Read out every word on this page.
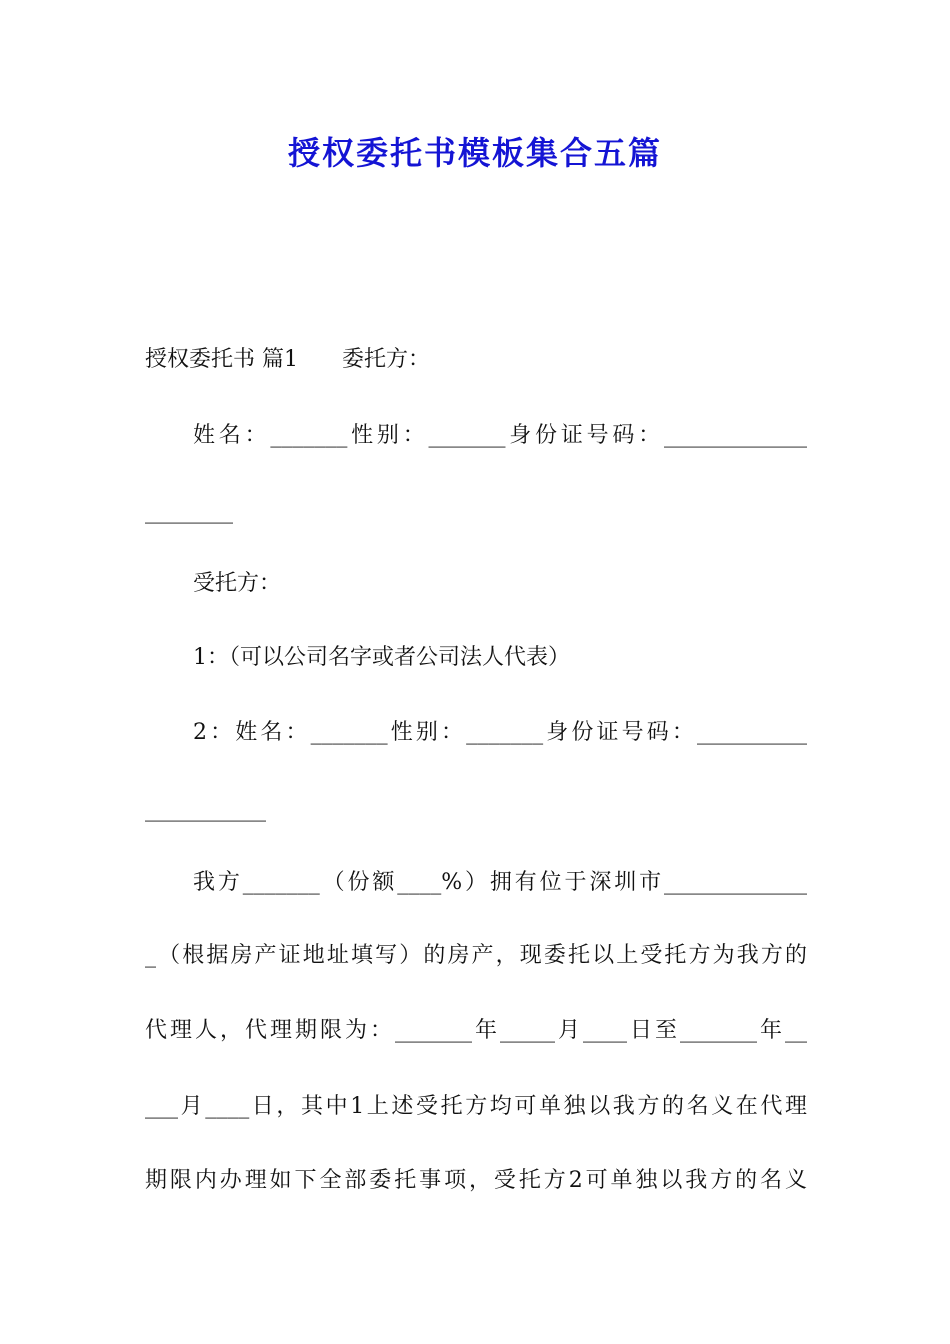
授权委托书模板集合五篇
授权委托书 篇1　　委托方：
姓名：_______性别：_______身份证号码：_____________
________
受托方：
1：（可以公司名字或者公司法人代表）
2：姓名：_______性别：_______身份证号码：__________
___________
我方_______（份额____%）拥有位于深圳市_____________
_（根据房产证地址填写）的房产，现委托以上受托方为我方的
代理人，代理期限为：_______年_____月____日至_______年__
___月____日，其中1上述受托方均可单独以我方的名义在代理
期限内办理如下全部委托事项，受托方2可单独以我方的名义
